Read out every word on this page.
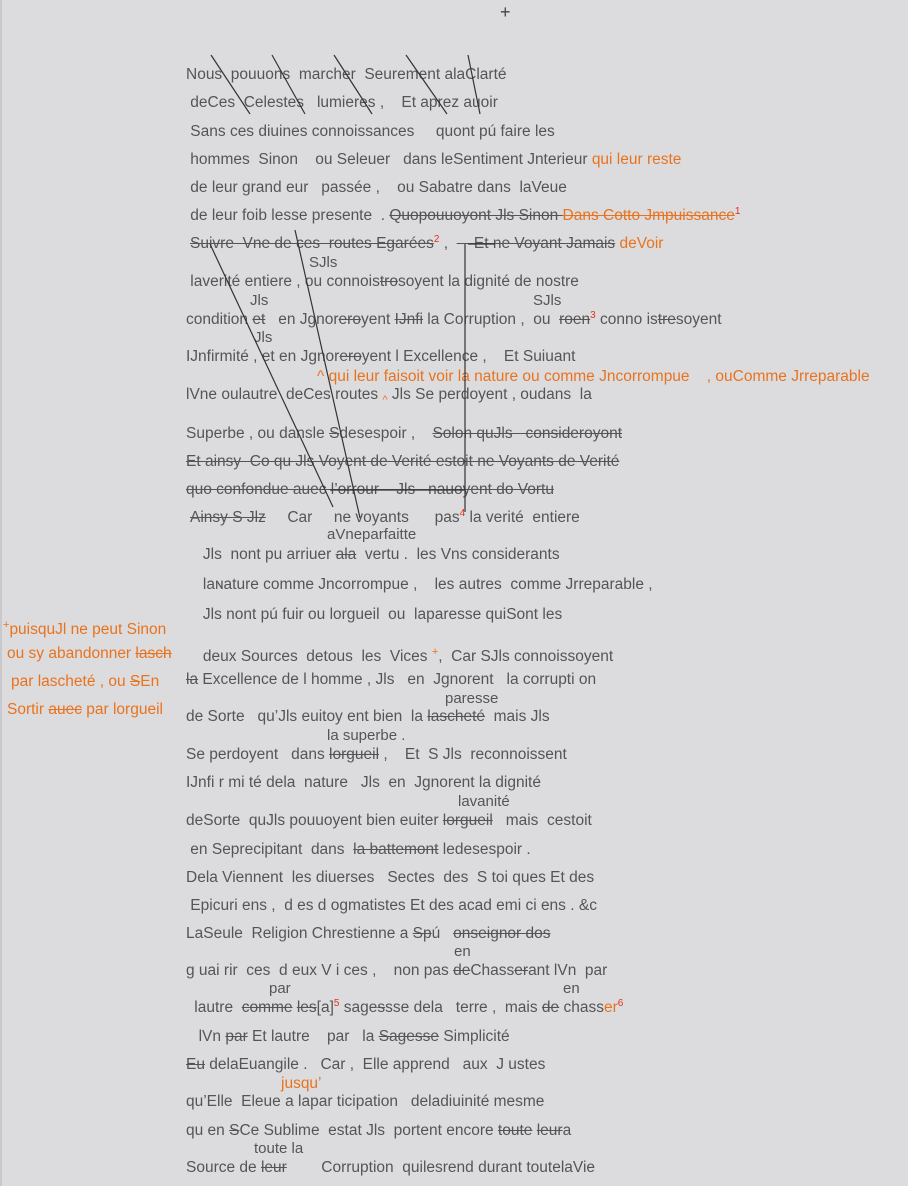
+
+puisquJl ne peut Sinon
ou sy abandonner lasch
par lascheté , ou SEn
Sortir auec par lorgueil
Nous  pouuons  marcher  Seurement alaClarté
deCes  Celestes   lumieres ,    Et aprez auoir
Sans ces diuines connoissances     quont pú faire les
hommes  Sinon    ou Seleuer   dans leSentiment Jnterieur qui leur reste
de leur grand eur   passée ,    ou Sabatre dans  laVeue
de leur foib lesse presente  . Quopouuoyont Jls Sinon Dans Cotto Jmpuissance$^1$
Suivre  Vne de ces  routes Egarées$^2$ ,      Et ne Voyant Jamais deVoir
SJls
laverité entiere , ou connoistrosoyent la dignité de nostre
Jls	SJls
condition et   en Jgnoreroyent IJnfi la Corruption ,  ou  roen$^3$ conno istresoyent
Jls
IJnfirmité , et en Jgnoreroyent l Excellence ,    Et Suiuant
^ qui leur faisoit voir la nature ou comme Jncorrompue    , ouComme Jrreparable
lVne oulautre  deCes routes $_{\^{}}$ Jls Se perdoyent , oudans  la
Superbe , ou dansle Sdesespoir ,    Solon quJls   consideroyont
Et ainsy  Co qu Jls Voyent de Verité estoit ne Voyants de Verité
quo confondue auec l’orrour    Jls   nauoyent do Vortu
Ainsy S Jlz     Car     ne voyants      pas$^4$ la verité  entiere
aVneparfaitte
Jls  nont pu arriuer ala  vertu .  les Vns considerants
laɴature comme Jncorrompue ,    les autres  comme Jrreparable ,
Jls nont pú fuir ou lorgueil  ou  laparesse quiSont les
deux Sources  detous  les  Vices +,  Car SJls connoissoyent
la Excellence de l homme , Jls   en  Jgnorent   la corrupti on
paresse
de Sorte   qu’Jls euitoy ent bien  la lascheté  mais Jls
la superbe .
Se perdoyent   dans lorgueil ,    Et  S Jls  reconnoissent
IJnfi r mi té dela  nature   Jls  en  Jgnorent la dignité
lavanité
deSorte  quJls pouuoyent bien euiter lorgueil   mais  cestoit
en Seprecipitant  dans  la battemont ledesespoir .
Dela Viennent  les diuerses   Sectes  des  S toi ques Et des
Epicuri ens ,  d es d ogmatistes Et des acad emi ci ens . &c
LaSeule  Religion Chrestienne a Spú   onseignor dos
en
g uai rir  ces  d eux V i ces ,    non pas deChasserant lVn  par
par	en
lautre  comme $les[a]^5$ sagessse dela   terre ,  mais de chasser$^6$
lVn par Et lautre    par   la Sagesse Simplicité
Eu delaEuangile .   Car ,  Elle apprend   aux  J ustes
jusqu’
qu’Elle  Eleue a lapar ticipation   deladiuinité mesme
qu en SCe Sublime  estat Jls  portent encore toute leura
toute la
Source de leur        Corruption  quilesrend durant toutelaVie
